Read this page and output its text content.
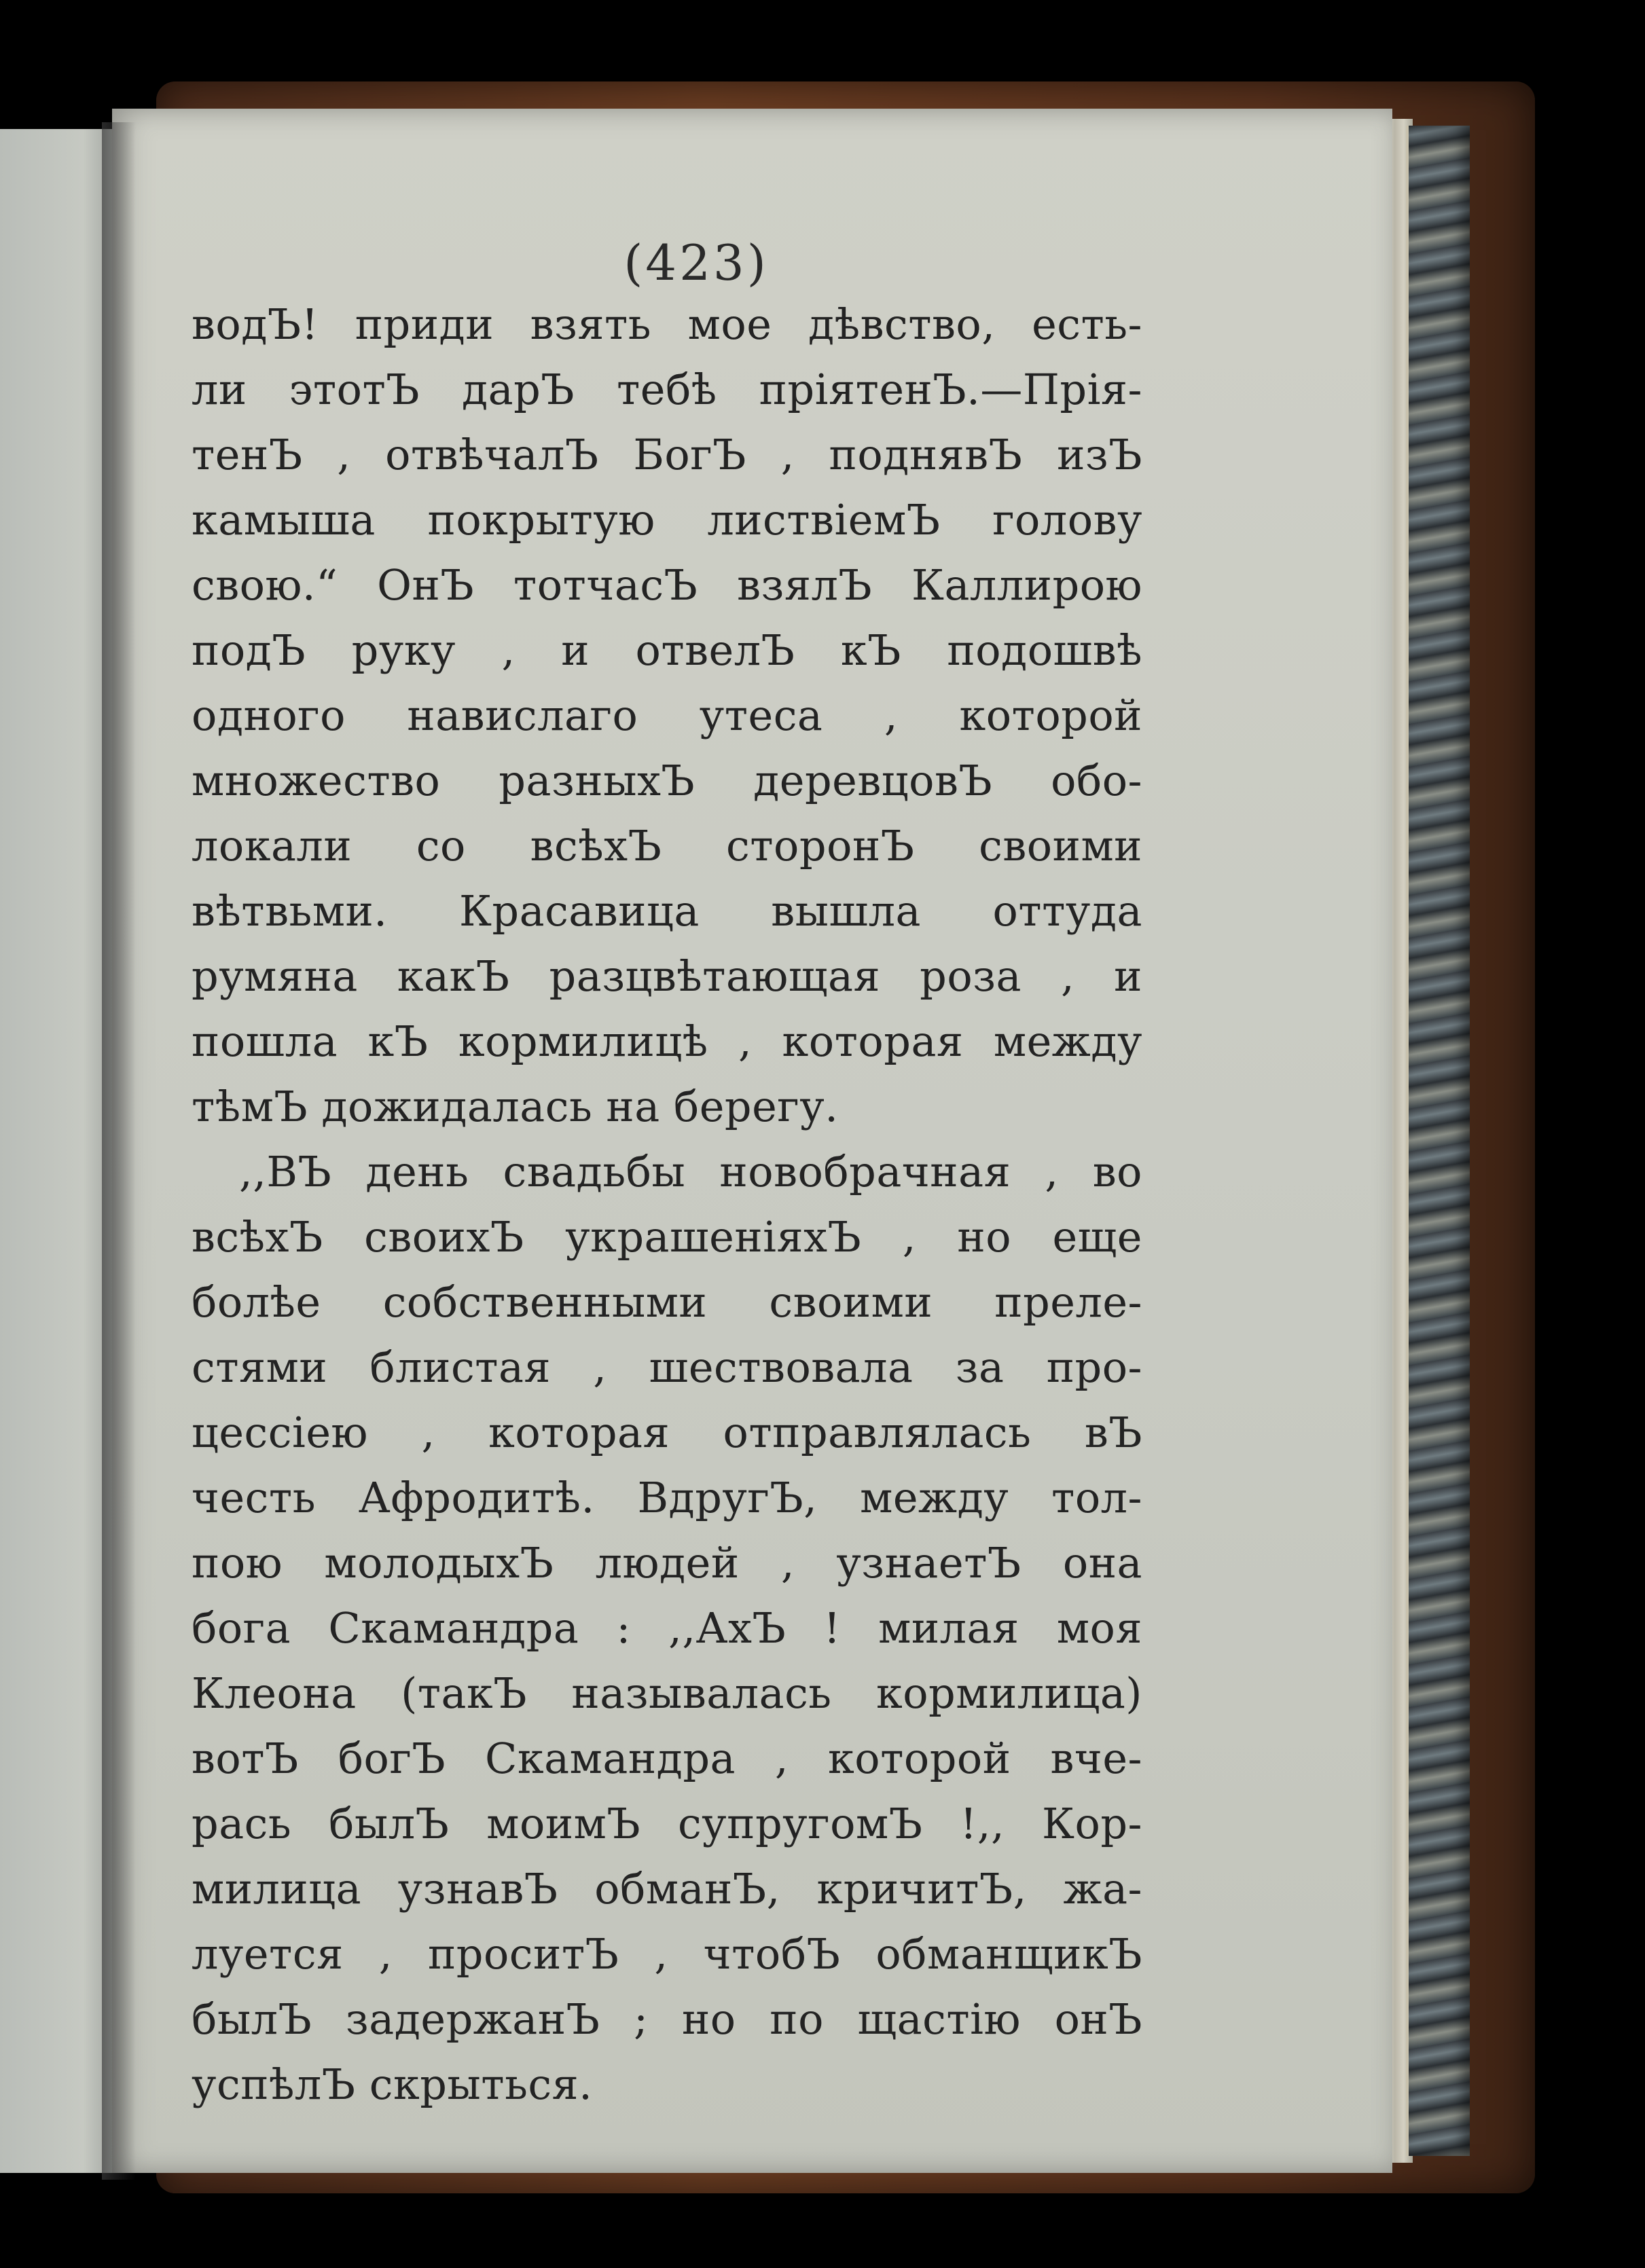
(423)
водЪ! приди взять мое дѣвство, есть-
ли этотЪ дарЪ тебѣ пріятенЪ.—Прія-
тенЪ , отвѣчалЪ БогЪ , поднявЪ изЪ
камыша покрытую листвіемЪ голову
свою.“ ОнЪ тотчасЪ взялЪ Каллирою
подЪ руку , и отвелЪ кЪ подошвѣ
одного навислаго утеса , которой
множество разныхЪ деревцовЪ обо-
локали со всѣхЪ сторонЪ своими
вѣтвьми. Красавица вышла оттуда
румяна какЪ разцвѣтающая роза , и
пошла кЪ кормилицѣ , которая между
тѣмЪ дожидалась на берегу.
,,ВЪ день свадьбы новобрачная , во
всѣхЪ своихЪ украшеніяхЪ , но еще
болѣе собственными своими преле-
стями блистая , шествовала за про-
цессіею , которая отправлялась вЪ
честь Афродитѣ. ВдругЪ, между тол-
пою молодыхЪ людей , узнаетЪ она
бога Скамандра : ,,АхЪ ! милая моя
Клеона (такЪ называлась кормилица)
вотЪ богЪ Скамандра , которой вче-
рась былЪ моимЪ супругомЪ !,, Кор-
милица узнавЪ обманЪ, кричитЪ, жа-
луется , проситЪ , чтобЪ обманщикЪ
былЪ задержанЪ ; но по щастію онЪ
успѣлЪ скрыться.
